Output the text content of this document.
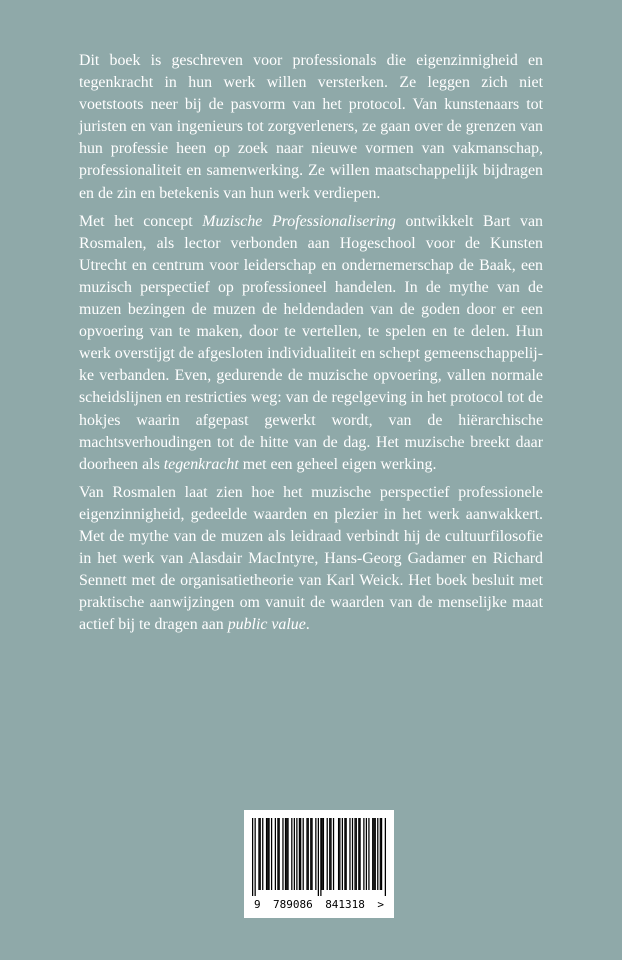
Dit boek is geschreven voor professionals die eigenzinnigheid en tegenkracht in hun werk willen versterken. Ze leggen zich niet voetstoots neer bij de pasvorm van het protocol. Van kunstenaars tot juristen en van ingenieurs tot zorgverleners, ze gaan over de grenzen van hun professie heen op zoek naar nieuwe vormen van vakmanschap, professionaliteit en samenwerking. Ze willen maatschappelijk bijdragen en de zin en betekenis van hun werk verdiepen.

Met het concept Muzische Professionalisering ontwikkelt Bart van Rosmalen, als lector verbonden aan Hogeschool voor de Kunsten Utrecht en centrum voor leiderschap en ondernemerschap de Baak, een muzisch perspectief op professioneel handelen. In de mythe van de muzen bezingen de muzen de heldendaden van de goden door er een opvoering van te maken, door te vertellen, te spelen en te delen. Hun werk overstijgt de afgesloten individualiteit en schept gemeenschappelijke verbanden. Even, gedurende de muzische opvoering, vallen normale scheidslijnen en restricties weg: van de regelgeving in het protocol tot de hokjes waarin afgepast gewerkt wordt, van de hiërarchische machtsverhoudingen tot de hitte van de dag. Het muzische breekt daar doorheen als tegenkracht met een geheel eigen werking.

Van Rosmalen laat zien hoe het muzische perspectief professionele eigenzinnigheid, gedeelde waarden en plezier in het werk aanwakkert. Met de mythe van de muzen als leidraad verbindt hij de cultuurfilosofie in het werk van Alasdair MacIntyre, Hans-Georg Gadamer en Richard Sennett met de organisatietheorie van Karl Weick. Het boek besluit met praktische aanwijzingen om vanuit de waarden van de menselijke maat actief bij te dragen aan public value.

9 789086 841318 >
